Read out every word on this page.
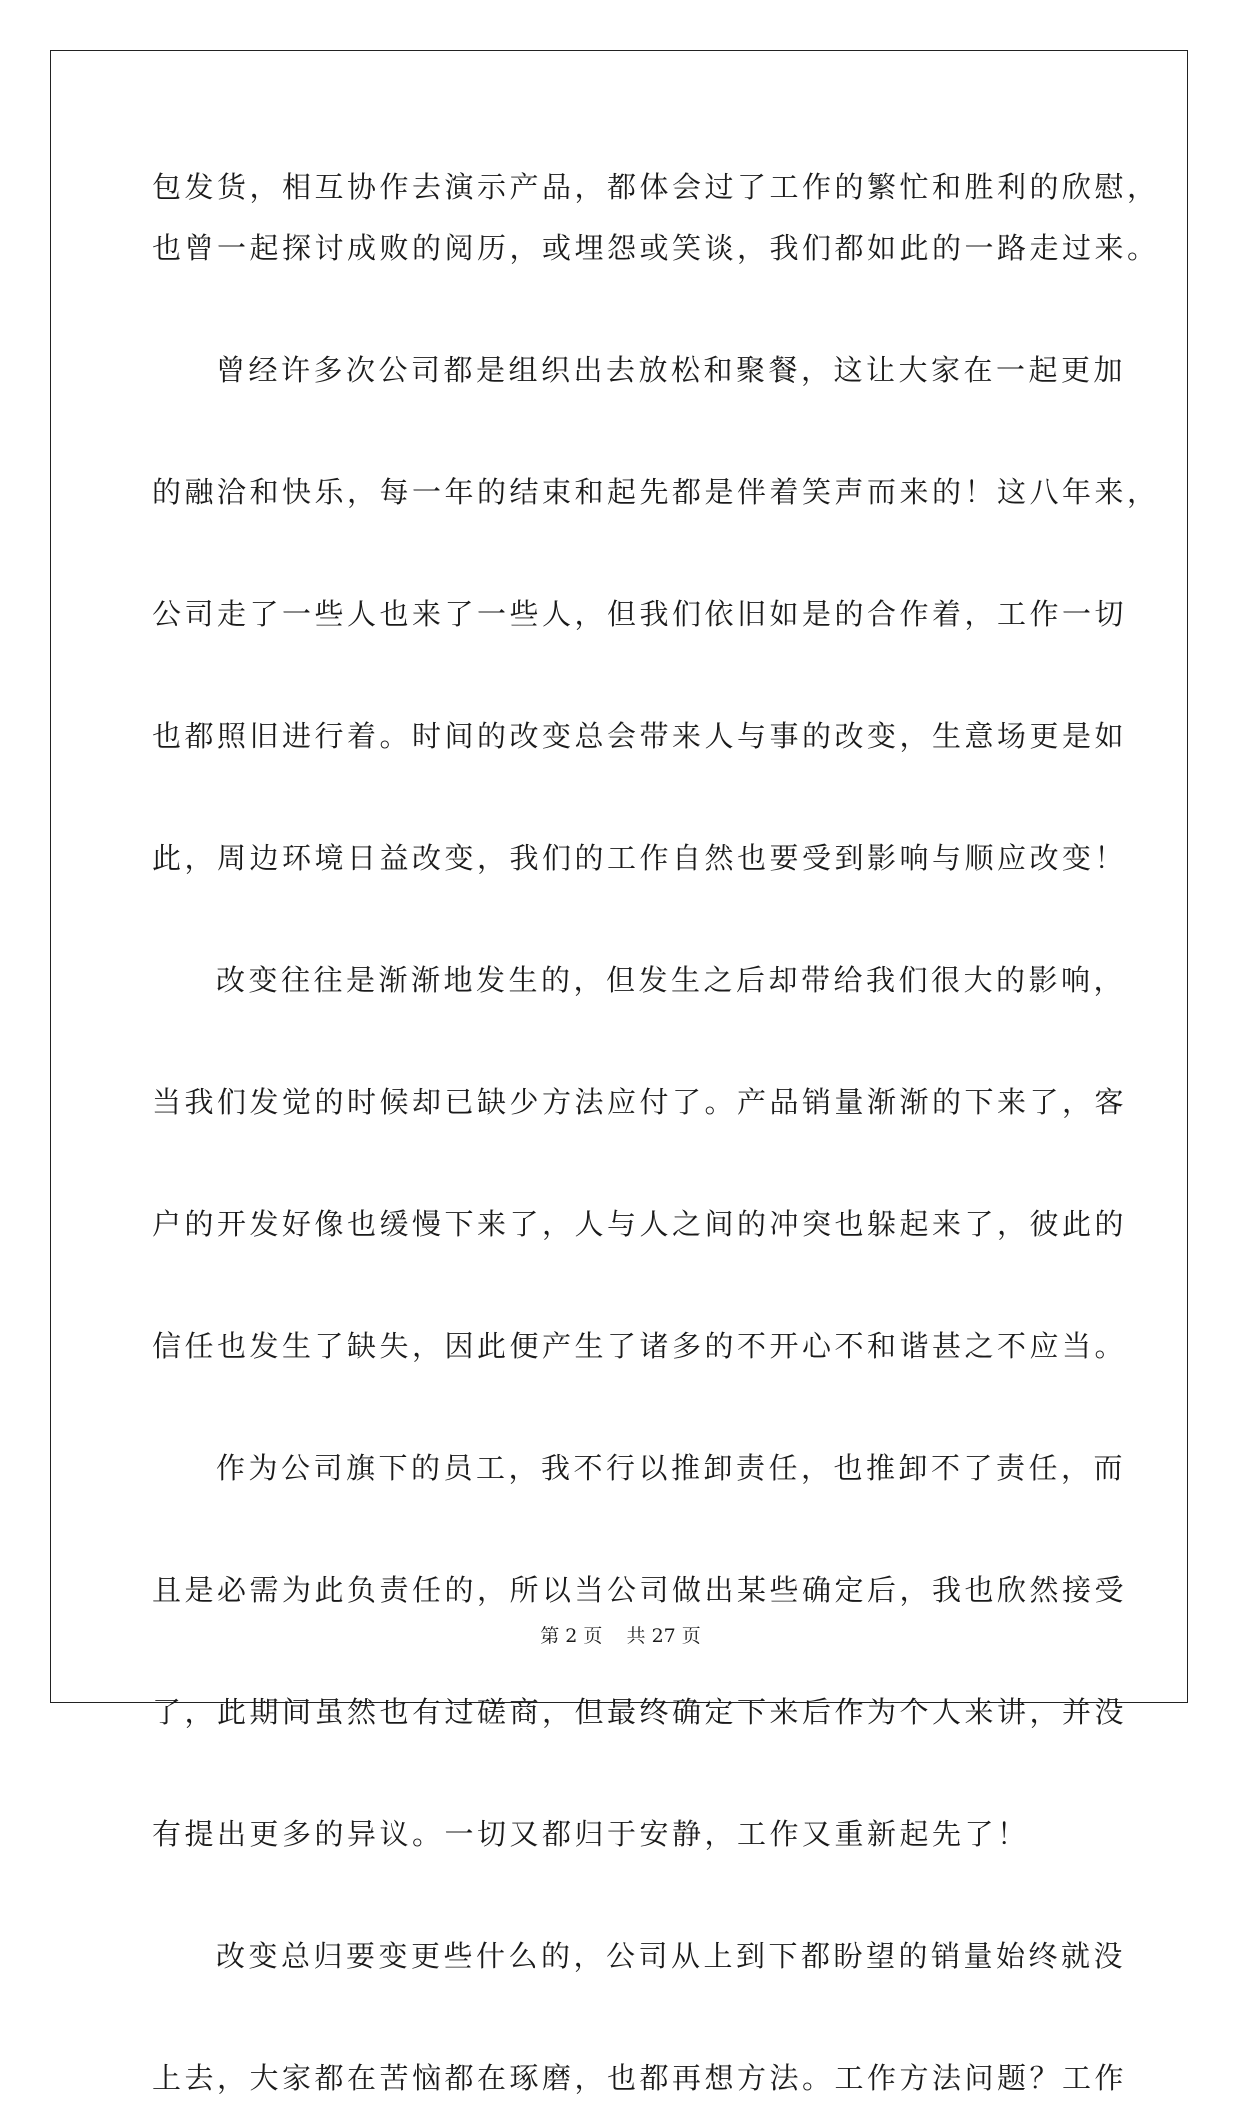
包发货，相互协作去演示产品，都体会过了工作的繁忙和胜利的欣慰，
也曾一起探讨成败的阅历，或埋怨或笑谈，我们都如此的一路走过来。
曾经许多次公司都是组织出去放松和聚餐，这让大家在一起更加
的融洽和快乐，每一年的结束和起先都是伴着笑声而来的！这八年来，
公司走了一些人也来了一些人，但我们依旧如是的合作着，工作一切
也都照旧进行着。时间的改变总会带来人与事的改变，生意场更是如
此，周边环境日益改变，我们的工作自然也要受到影响与顺应改变！
改变往往是渐渐地发生的，但发生之后却带给我们很大的影响，
当我们发觉的时候却已缺少方法应付了。产品销量渐渐的下来了，客
户的开发好像也缓慢下来了，人与人之间的冲突也躲起来了，彼此的
信任也发生了缺失，因此便产生了诸多的不开心不和谐甚之不应当。
作为公司旗下的员工，我不行以推卸责任，也推卸不了责任，而
且是必需为此负责任的，所以当公司做出某些确定后，我也欣然接受
了，此期间虽然也有过磋商，但最终确定下来后作为个人来讲，并没
有提出更多的异议。一切又都归于安静，工作又重新起先了！
改变总归要变更些什么的，公司从上到下都盼望的销量始终就没
上去，大家都在苦恼都在琢磨，也都再想方法。工作方法问题？工作
第 2 页    共 27 页
